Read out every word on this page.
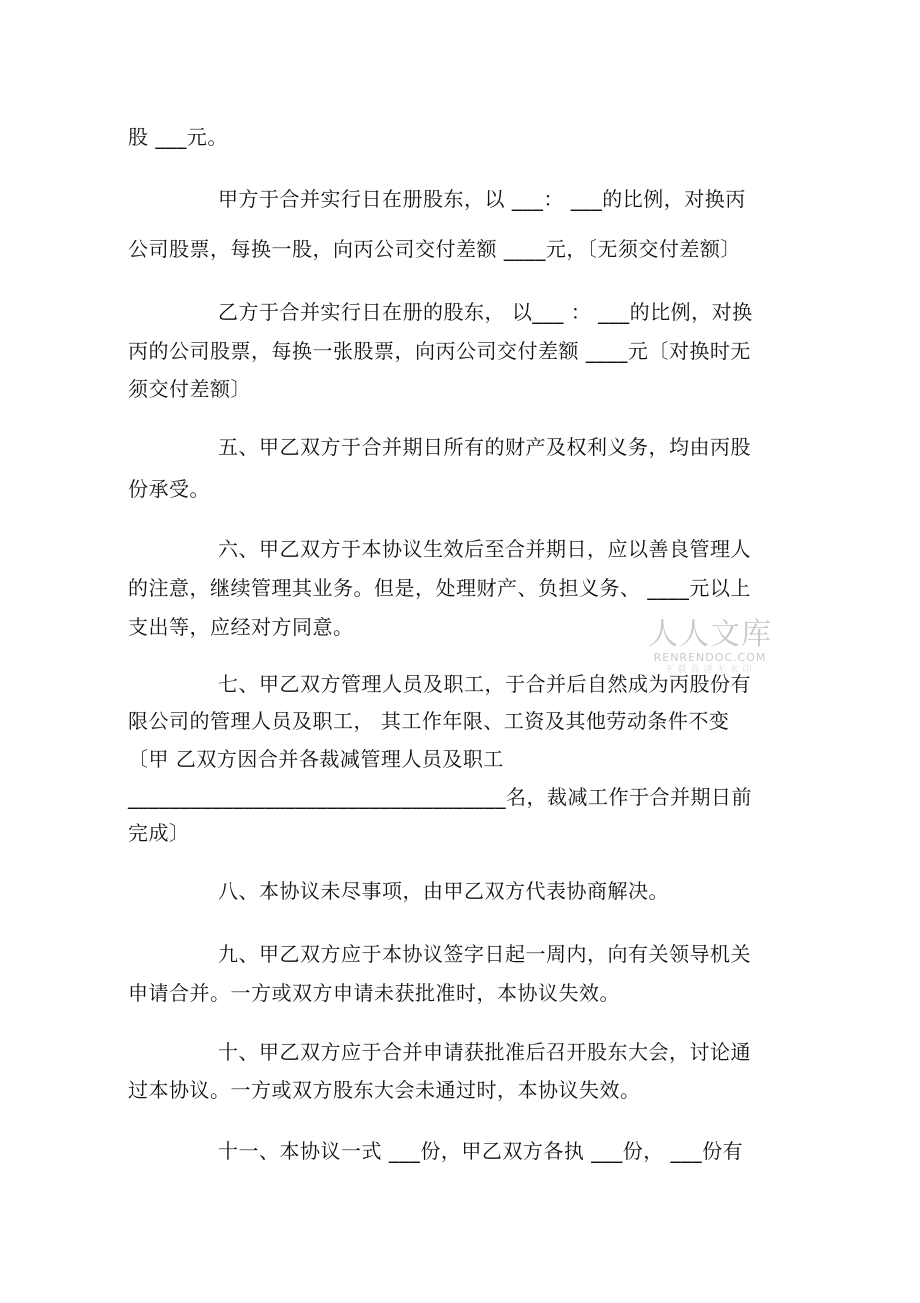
股 ___元。
甲方于合并实行日在册股东，以 ___： ___的比例，对换丙
公司股票，每换一股，向丙公司交付差额 ____元，〔无须交付差额〕
乙方于合并实行日在册的股东， 以___ ： ___的比例，对换
丙的公司股票，每换一张股票，向丙公司交付差额 ____元〔对换时无
须交付差额〕
五、甲乙双方于合并期日所有的财产及权利义务，均由丙股
份承受。
六、甲乙双方于本协议生效后至合并期日，应以善良管理人
的注意，继续管理其业务。但是，处理财产、负担义务、 ____元以上
支出等，应经对方同意。
七、甲乙双方管理人员及职工，于合并后自然成为丙股份有
限公司的管理人员及职工， 其工作年限、工资及其他劳动条件不变
〔甲 乙双方因合并各裁减管理人员及职工
____________________________________名，裁减工作于合并期日前
完成〕
八、本协议未尽事项，由甲乙双方代表协商解决。
九、甲乙双方应于本协议签字日起一周内，向有关领导机关
申请合并。一方或双方申请未获批准时，本协议失效。
十、甲乙双方应于合并申请获批准后召开股东大会，讨论通
过本协议。一方或双方股东大会未通过时，本协议失效。
十一、本协议一式 ___份，甲乙双方各执 ___份， ___份有
人人文库
RENRENDOC.COM
下载高清无水印
